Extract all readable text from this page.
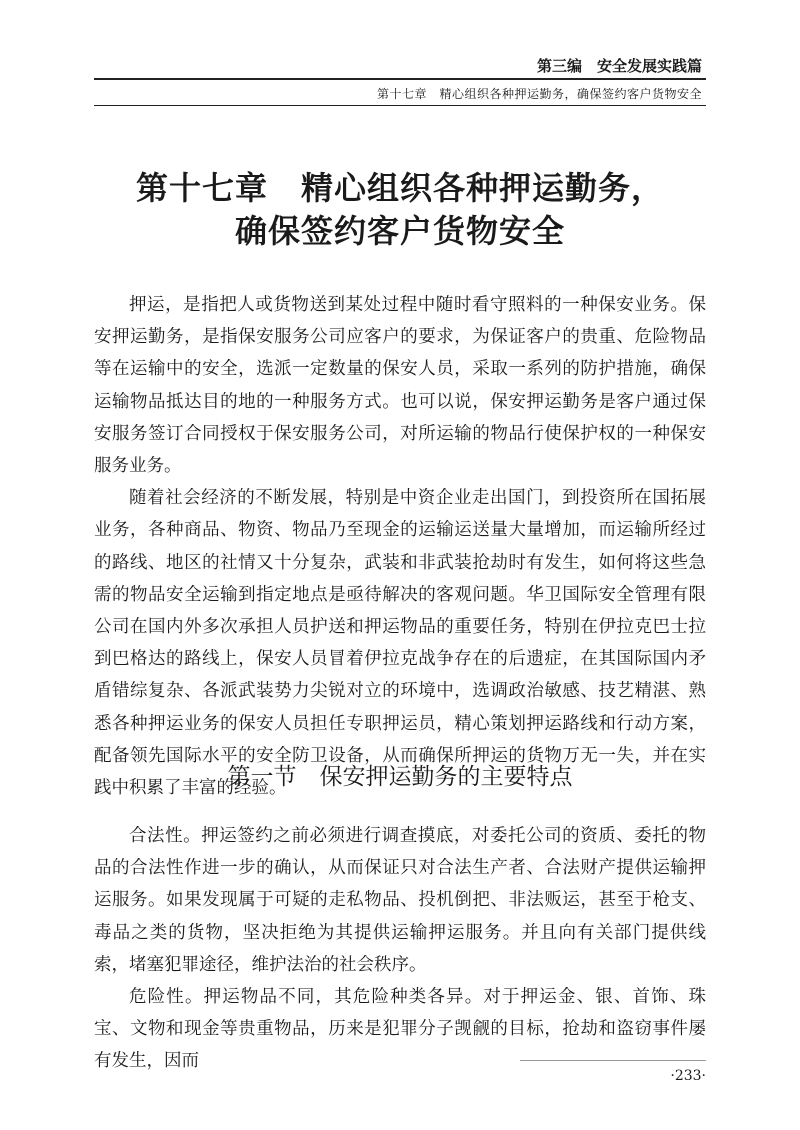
第三编　安全发展实践篇
第十七章　精心组织各种押运勤务，确保签约客户货物安全
第十七章　精心组织各种押运勤务，
确保签约客户货物安全

押运，是指把人或货物送到某处过程中随时看守照料的一种保安业务。保安押运勤务，是指保安服务公司应客户的要求，为保证客户的贵重、危险物品等在运输中的安全，选派一定数量的保安人员，采取一系列的防护措施，确保运输物品抵达目的地的一种服务方式。也可以说，保安押运勤务是客户通过保安服务签订合同授权于保安服务公司，对所运输的物品行使保护权的一种保安服务业务。

随着社会经济的不断发展，特别是中资企业走出国门，到投资所在国拓展业务，各种商品、物资、物品乃至现金的运输运送量大量增加，而运输所经过的路线、地区的社情又十分复杂，武装和非武装抢劫时有发生，如何将这些急需的物品安全运输到指定地点是亟待解决的客观问题。华卫国际安全管理有限公司在国内外多次承担人员护送和押运物品的重要任务，特别在伊拉克巴士拉到巴格达的路线上，保安人员冒着伊拉克战争存在的后遗症，在其国际国内矛盾错综复杂、各派武装势力尖锐对立的环境中，选调政治敏感、技艺精湛、熟悉各种押运业务的保安人员担任专职押运员，精心策划押运路线和行动方案，配备领先国际水平的安全防卫设备，从而确保所押运的货物万无一失，并在实践中积累了丰富的经验。

第一节　保安押运勤务的主要特点

合法性。押运签约之前必须进行调查摸底，对委托公司的资质、委托的物品的合法性作进一步的确认，从而保证只对合法生产者、合法财产提供运输押运服务。如果发现属于可疑的走私物品、投机倒把、非法贩运，甚至于枪支、毒品之类的货物，坚决拒绝为其提供运输押运服务。并且向有关部门提供线索，堵塞犯罪途径，维护法治的社会秩序。

危险性。押运物品不同，其危险种类各异。对于押运金、银、首饰、珠宝、文物和现金等贵重物品，历来是犯罪分子觊觎的目标，抢劫和盗窃事件屡有发生，因而

·233·
